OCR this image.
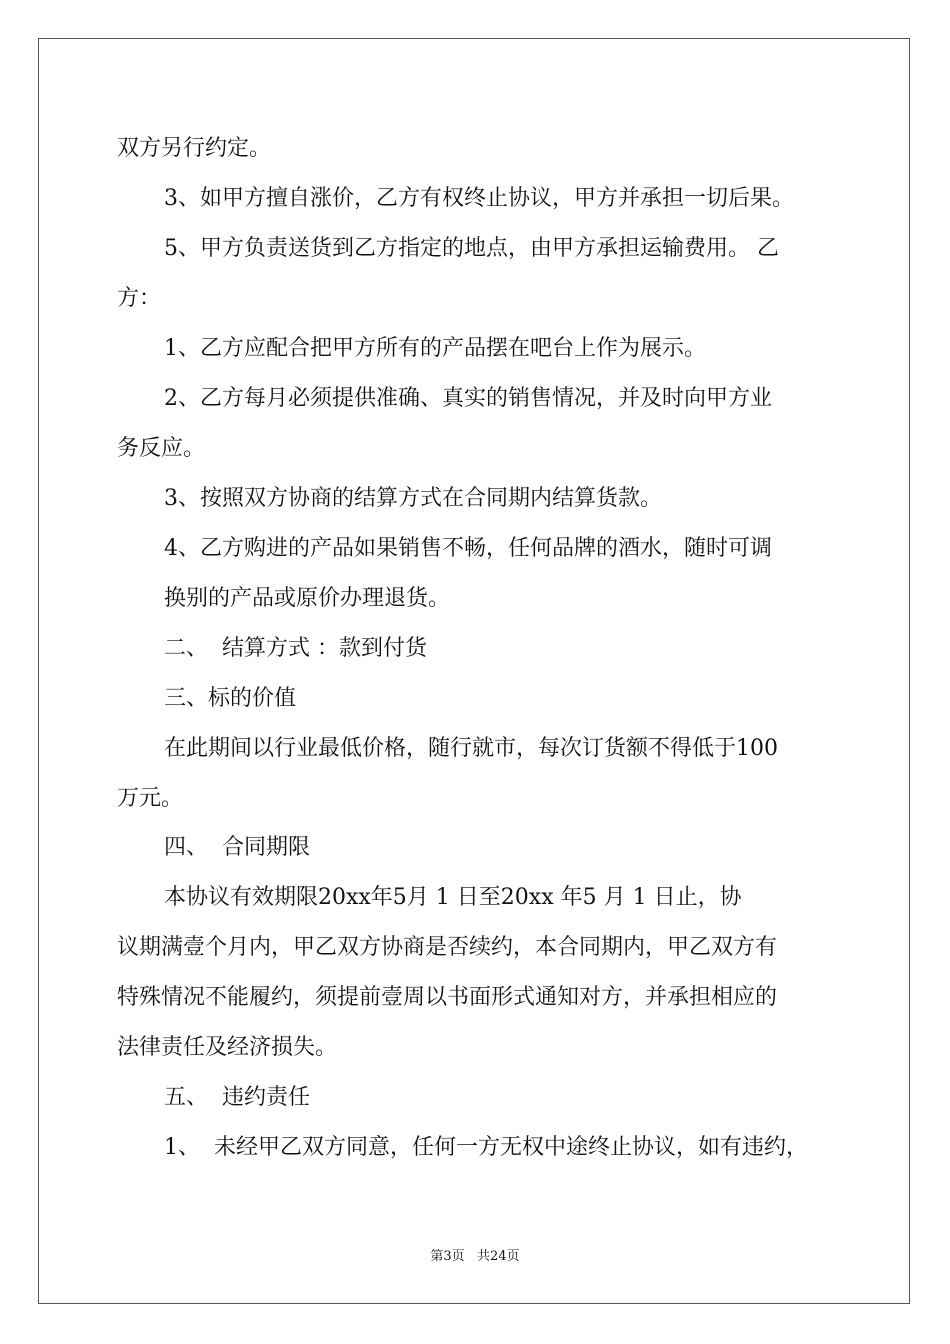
双方另行约定。

3、如甲方擅自涨价，乙方有权终止协议，甲方并承担一切后果。

5、甲方负责送货到乙方指定的地点，由甲方承担运输费用。 乙

方：

1、乙方应配合把甲方所有的产品摆在吧台上作为展示。

2、乙方每月必须提供准确、真实的销售情况，并及时向甲方业

务反应。

3、按照双方协商的结算方式在合同期内结算货款。

4、乙方购进的产品如果销售不畅，任何品牌的酒水，随时可调

换别的产品或原价办理退货。

二、  结算方式 ：款到付货

三、标的价值

在此期间以行业最低价格，随行就市，每次订货额不得低于100

万元。

四、  合同期限

本协议有效期限20xx年5月 1 日至20xx 年5 月 1 日止，协

议期满壹个月内，甲乙双方协商是否续约，本合同期内，甲乙双方有

特殊情况不能履约，须提前壹周以书面形式通知对方，并承担相应的

法律责任及经济损失。

五、  违约责任

1、  未经甲乙双方同意，任何一方无权中途终止协议，如有违约，

第3页   共24页
